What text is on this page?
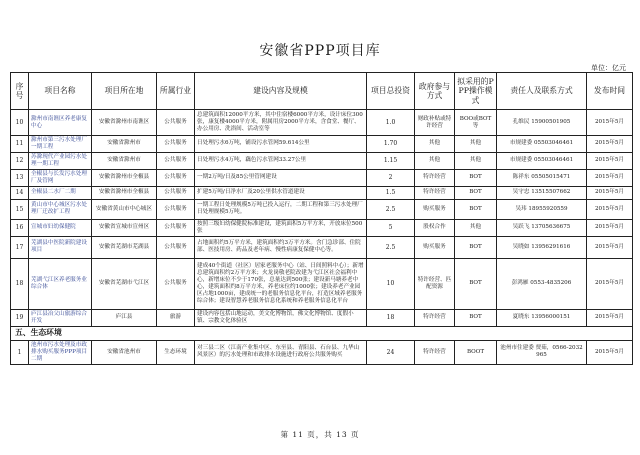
安徽省PPP项目库
单位：亿元
序号	项目名称	项目所在地	所属行业	建设内容及规模	项目总投资	政府参与方式	拟采用的PPP操作模式	责任人及联系方式	发布时间
10	滁州市南谯区养老康复中心	安徽省滁州市南谯区	公共服务	总建筑面积12000平方米，其中住宿楼6000平方米，设计床位300张，康复楼4000平方米，附属用房2000平方米，含食堂、餐厅、办公用房、洗浴间、活动室等	1.0	财政补贴或特许经营	BOO或BOT等	孔维民 15900501905	2015年5月
11	滁州市第三污水处理厂一期工程	安徽省滁州市	公共服务	日处理污水6万吨，铺设污水管网59.614公里	1.70	其他	其他	市规建委 05503046461	2015年5月
12	苏滁现代产业园污水处理一期工程	安徽省滁州市	公共服务	日处理污水4万吨，藕色污水管网33.27公里	1.15	其他	其他	市规建委 05503046461	2015年5月
13	全椒县与长发污水处理厂及管网	安徽省滁州市全椒县	公共服务	一期2万吨/日及85公里管网建设	2	特许经营	BOT	陈祥东 05505015471	2015年5月
14	全椒县二水厂二期	安徽省滁州市全椒县	公共服务	扩建5万吨/日净水厂及20公里供水管道建设	1.5	特许经营	BOT	吴守忠 13515507662	2015年5月
15	黄山市中心城区污水处理厂迁改扩工程	安徽省黄山市中心城区	公共服务	一期工程日处理规模5万吨已投入运行，二期工程和第三污水处理厂日处理规模5万吨。	2.5	购买服务	BOT	吴玮 18955920559	2015年5月
16	宣城市妇幼保健院	安徽省宣城市宣州区	公共服务	按照三级妇幼保健院标准建设，建筑面积5万平方米，开放床位500张	5	股权合作	其他	吴跃飞 13705636675	2015年5月
17	芜湖县中医院新院建设项目	安徽省芜湖市芜湖县	公共服务	占地面积约5万平方米，建筑面积约3万平方米。含门急诊部、住院部、医技用房、药品及老年病、慢性病康复保健中心等。	2.5	购买服务	BOT	吴晓如 13956291616	2015年5月
18	芜湖弋江区养老服务业综合体	安徽省芜湖市弋江区	公共服务	建成40个街道（社区）居家老服务中心（站、日间照料中心）；新增总建筑面积约2万平方米；火龙岗敬老院改建为弋江区社会福利中心，新增床位不少于170张，总量达到500张；建设新马塘养老中心，建筑面积约8万平方米，养老床位约1000张；建设养老产业园区占地1000亩，建成统一的老服务信息化平台，打造区域养老服务综合体；建设智慧养老服务信息化系统和养老服务信息化平台	10	特许经营、匹配资源	BOT	彭鸿雁 0553-4835206	2015年5月
19	庐江县冶父山旅游综合开发	庐江县	旅游	建设内容包括山地运动，美文化博物馆，佛文化博物馆、度假小镇、宗教文化体验区	18	特许经营	BOT	夏晓东 13956000151	2015年5月
五、生态环境									
1	池州市污水处理及市政排水购买服务PPP项目二期	安徽省池州市	生态环境	对三县二区（江南产业集中区、东至县、青阳县、石台县、九华山风景区）的污水处理和市政排水设施进行政府公共服务购买	24	特许经营	BOOT	池州市住建委 贾茹，0566-2032965	2015年5月
第 11 页，共 13 页
